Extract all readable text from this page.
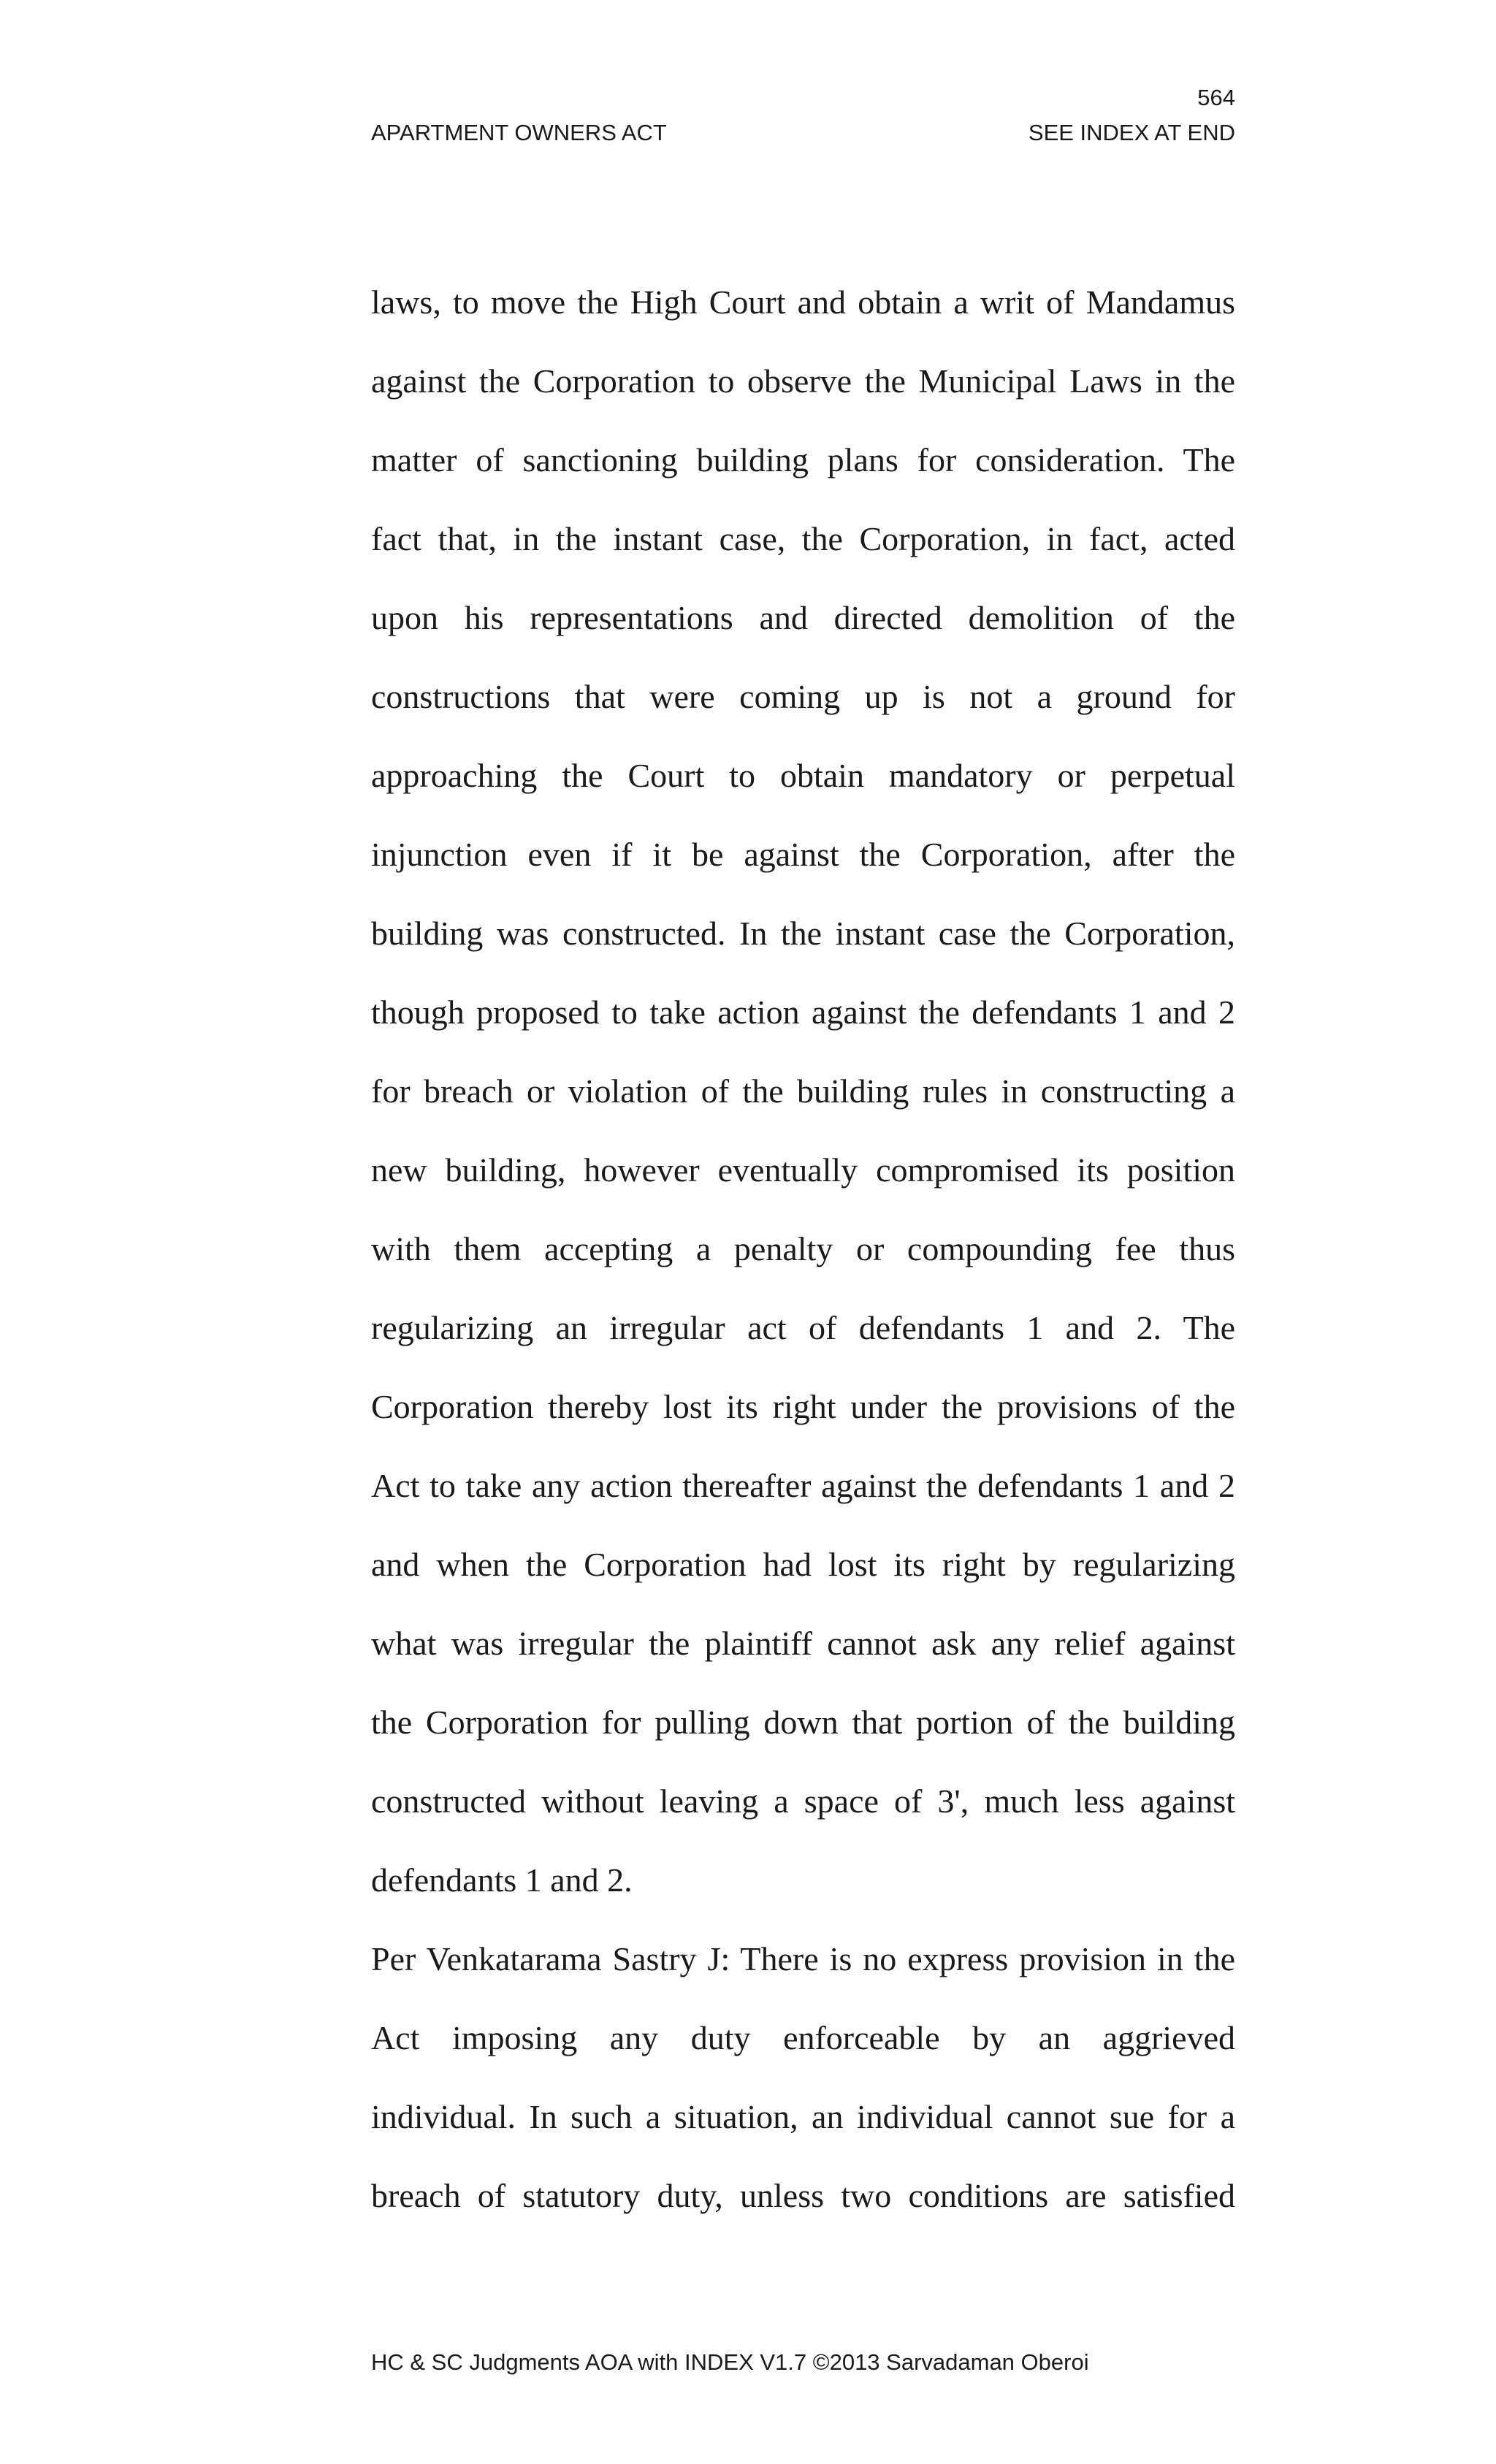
564
APARTMENT OWNERS ACT	SEE INDEX AT END
laws, to move the High Court and obtain a writ of Mandamus
against the Corporation to observe the Municipal Laws in the
matter of sanctioning building plans for consideration. The
fact that, in the instant case, the Corporation, in fact, acted
upon his representations and directed demolition of the
constructions that were coming up is not a ground for
approaching the Court to obtain mandatory or perpetual
injunction even if it be against the Corporation, after the
building was constructed. In the instant case the Corporation,
though proposed to take action against the defendants 1 and 2
for breach or violation of the building rules in constructing a
new building, however eventually compromised its position
with them accepting a penalty or compounding fee thus
regularizing an irregular act of defendants 1 and 2. The
Corporation thereby lost its right under the provisions of the
Act to take any action thereafter against the defendants 1 and 2
and when the Corporation had lost its right by regularizing
what was irregular the plaintiff cannot ask any relief against
the Corporation for pulling down that portion of the building
constructed without leaving a space of 3', much less against
defendants 1 and 2.
Per Venkatarama Sastry J: There is no express provision in the
Act imposing any duty enforceable by an aggrieved
individual. In such a situation, an individual cannot sue for a
breach of statutory duty, unless two conditions are satisfied
HC & SC Judgments AOA with INDEX V1.7 ©2013 Sarvadaman Oberoi
